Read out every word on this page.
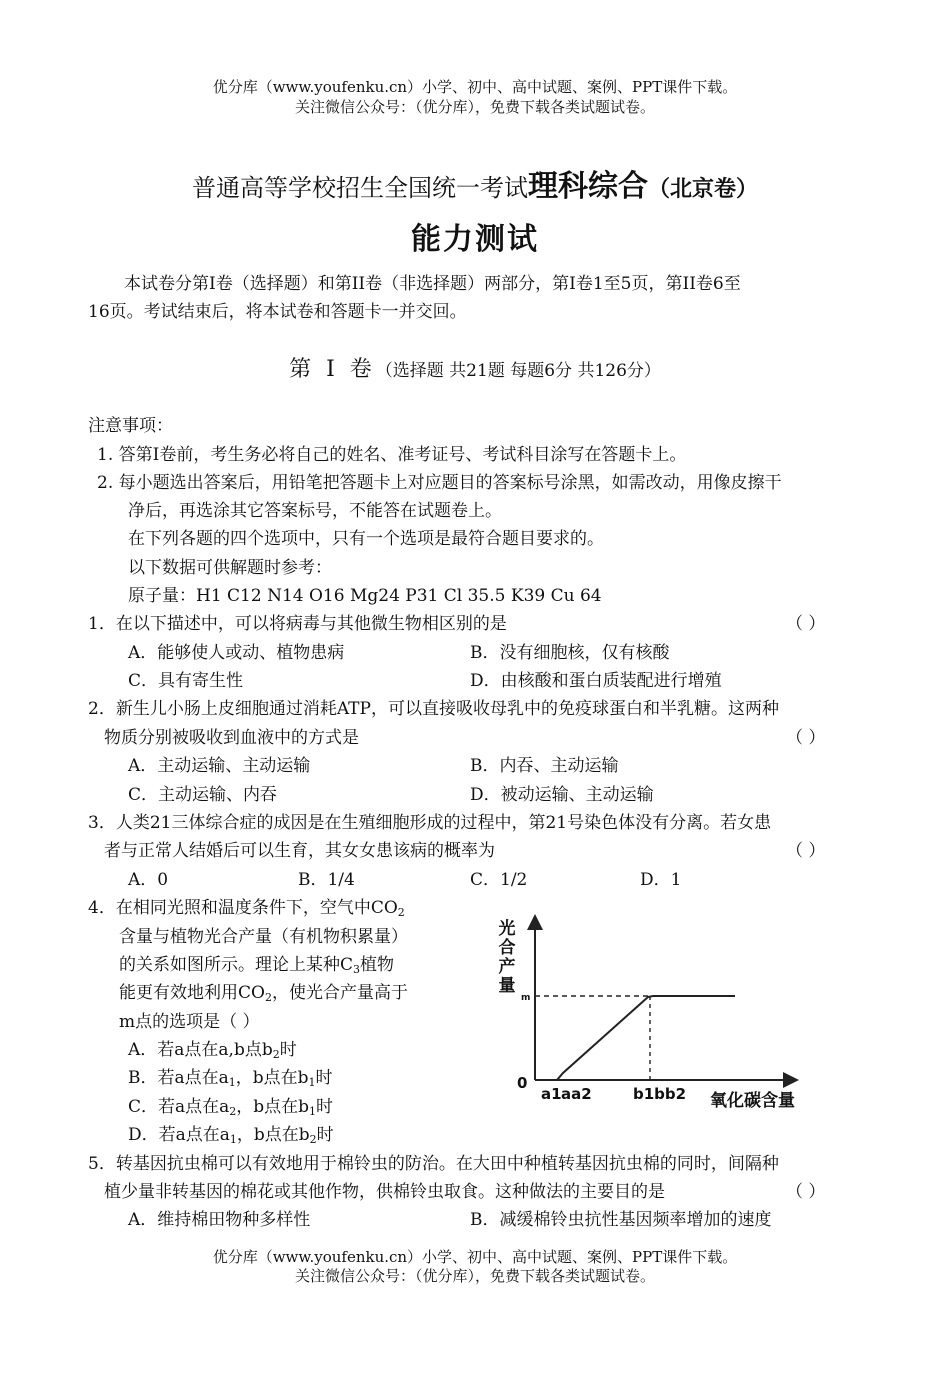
优分库（www.youfenku.cn）小学、初中、高中试题、案例、PPT课件下载。
关注微信公众号：（优分库），免费下载各类试题试卷。
普通高等学校招生全国统一考试理科综合（北京卷）
能力测试
本试卷分第I卷（选择题）和第II卷（非选择题）两部分，第I卷1至5页，第II卷6至
16页。考试结束后，将本试卷和答题卡一并交回。
第 I 卷（选择题 共21题 每题6分 共126分）
注意事项：
1. 答第I卷前，考生务必将自己的姓名、准考证号、考试科目涂写在答题卡上。
2. 每小题选出答案后，用铅笔把答题卡上对应题目的答案标号涂黑，如需改动，用像皮擦干
净后，再选涂其它答案标号，不能答在试题卷上。
在下列各题的四个选项中，只有一个选项是最符合题目要求的。
以下数据可供解题时参考：
原子量：H1 C12 N14 O16 Mg24 P31 Cl 35.5 K39 Cu 64
1．在以下描述中，可以将病毒与其他微生物相区别的是	（ ）
A．能够使人或动、植物患病	B．没有细胞核，仅有核酸
C．具有寄生性	D．由核酸和蛋白质装配进行增殖
2．新生儿小肠上皮细胞通过消耗ATP，可以直接吸收母乳中的免疫球蛋白和半乳糖。这两种
物质分别被吸收到血液中的方式是	（ ）
A．主动运输、主动运输	B．内吞、主动运输
C．主动运输、内吞	D．被动运输、主动运输
3．人类21三体综合症的成因是在生殖细胞形成的过程中，第21号染色体没有分离。若女患
者与正常人结婚后可以生育，其女女患该病的概率为	（ ）
A．0	B．1/4	C．1/2	D．1
4．在相同光照和温度条件下，空气中$CO_2$
含量与植物光合产量（有机物积累量）
的关系如图所示。理论上某种$C_3$植物
能更有效地利用$CO_2$，使光合产量高于
m点的选项是（ ）
A．若a点在a,b点$b_2$时
B．若a点在$a_1$，b点在$b_1$时
C．若a点在$a_2$，b点在$b_1$时
D．若a点在$a_1$，b点在$b_2$时
光
合
产
量
m
0
a1 aa2	b1bb2 氧化碳含量
5．转基因抗虫棉可以有效地用于棉铃虫的防治。在大田中种植转基因抗虫棉的同时，间隔种
植少量非转基因的棉花或其他作物，供棉铃虫取食。这种做法的主要目的是	（ ）
A．维持棉田物种多样性	B．减缓棉铃虫抗性基因频率增加的速度
优分库（www.youfenku.cn）小学、初中、高中试题、案例、PPT课件下载。
关注微信公众号：（优分库），免费下载各类试题试卷。
